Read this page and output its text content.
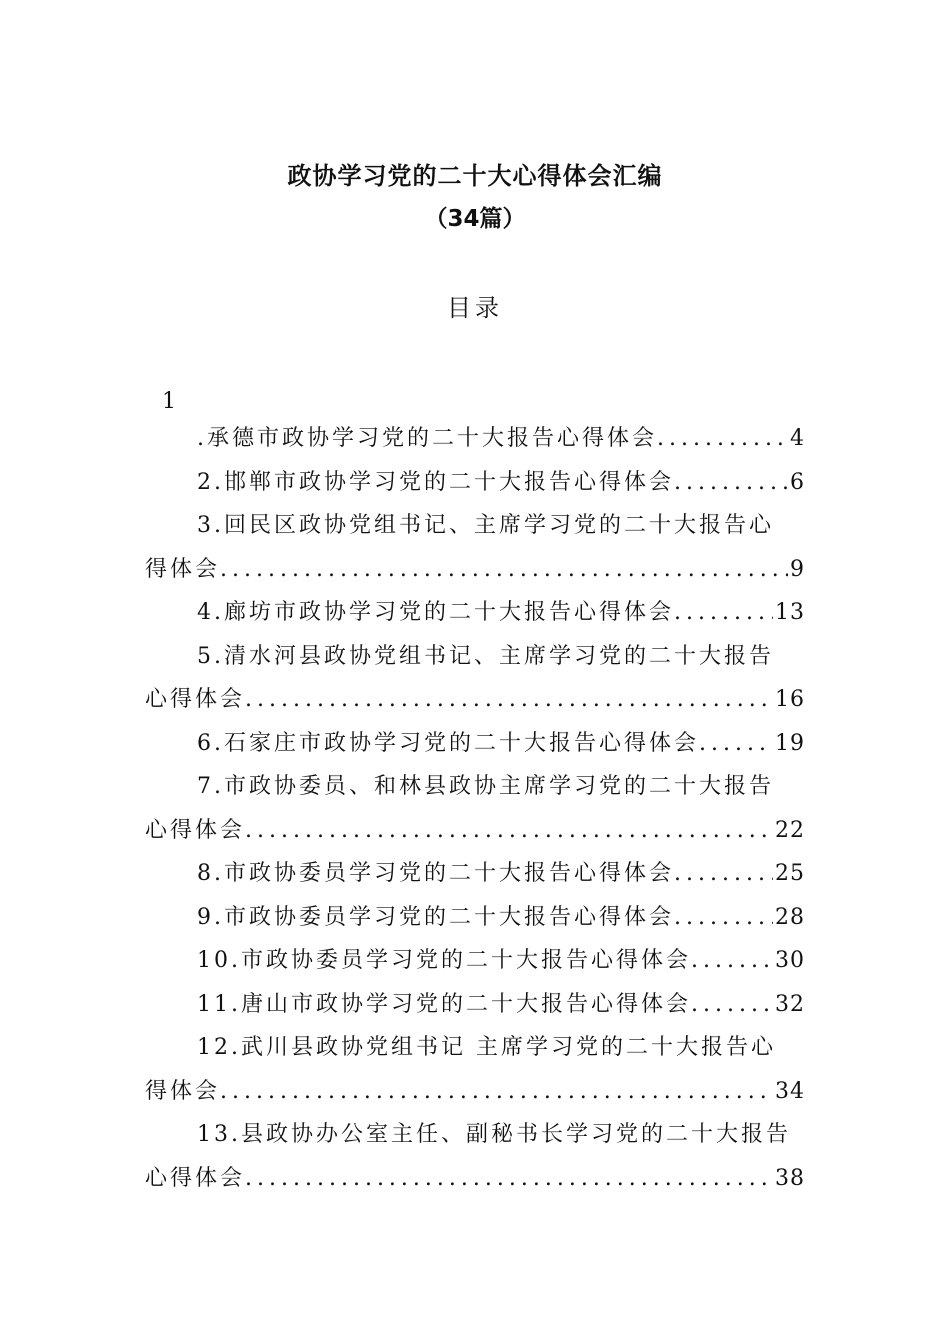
政协学习党的二十大心得体会汇编
（34篇）
目录
1
.承德市政协学习党的二十大报告心得体会 .....	4
2.邯郸市政协学习党的二十大报告心得体会 .....	6
3.回民区政协党组书记、主席学习党的二十大报告心
得体会 .....	9
4.廊坊市政协学习党的二十大报告心得体会 .....	13
5.清水河县政协党组书记、主席学习党的二十大报告
心得体会 .....	16
6.石家庄市政协学习党的二十大报告心得体会 .....	19
7.市政协委员、和林县政协主席学习党的二十大报告
心得体会 .....	22
8.市政协委员学习党的二十大报告心得体会 .....	25
9.市政协委员学习党的二十大报告心得体会 .....	28
10.市政协委员学习党的二十大报告心得体会 .....	30
11.唐山市政协学习党的二十大报告心得体会 .....	32
12.武川县政协党组书记 主席学习党的二十大报告心
得体会 .....	34
13.县政协办公室主任、副秘书长学习党的二十大报告
心得体会 .....	38
